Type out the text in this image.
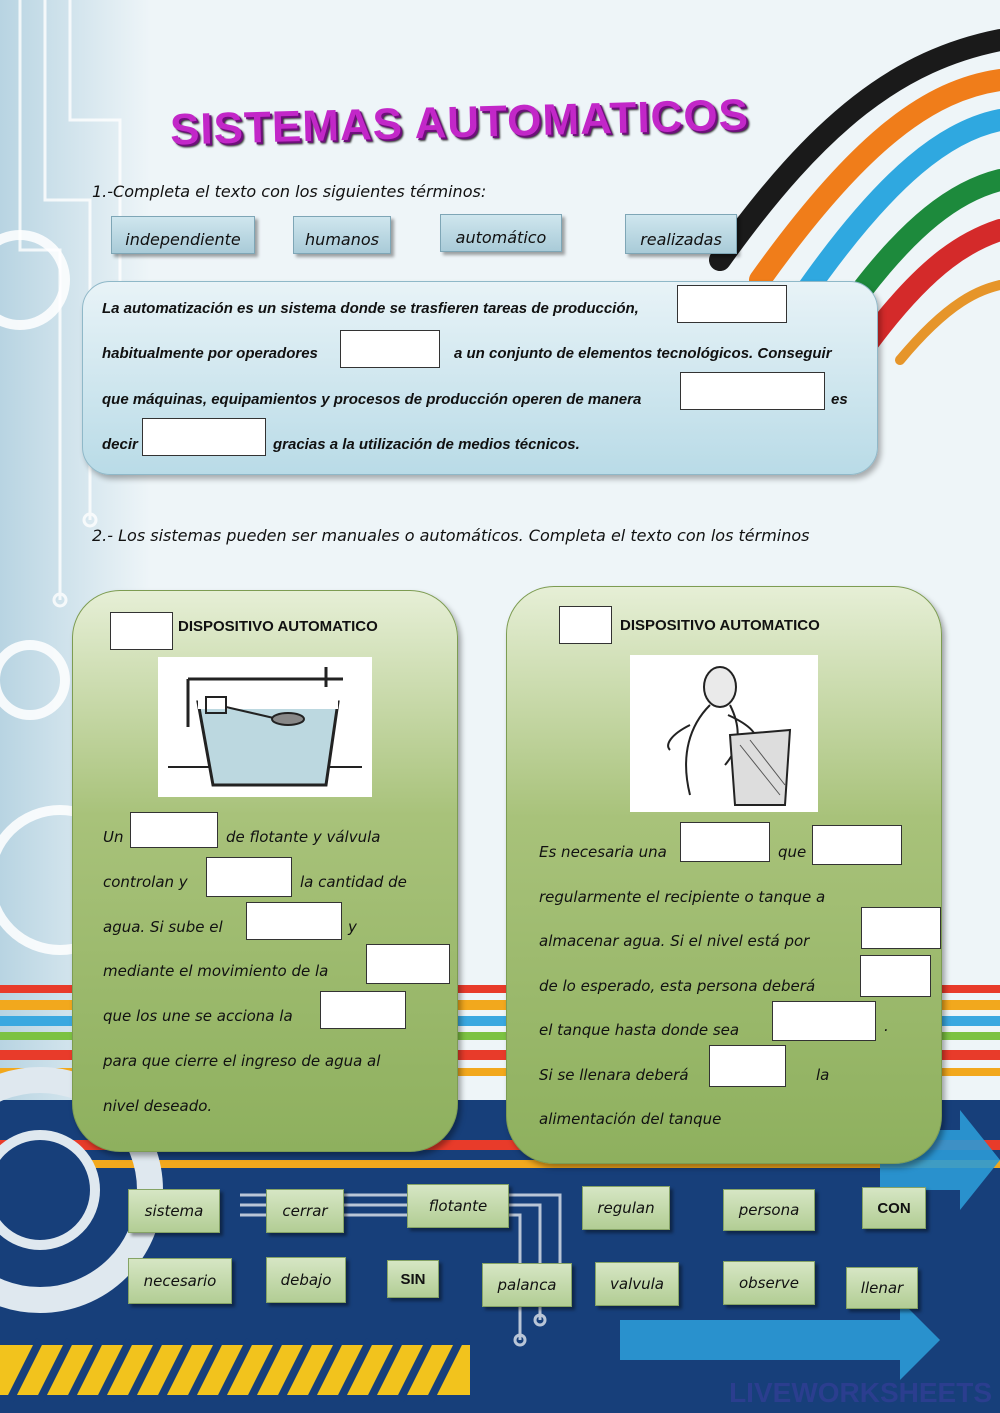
SISTEMAS AUTOMATICOS
1.-Completa el texto con los siguientes términos:
independiente	humanos	automático	realizadas
La automatización es un sistema donde se trasfieren tareas de producción,
habitualmente por operadores	a un conjunto de elementos tecnológicos. Conseguir
que máquinas, equipamientos y procesos de producción operen de manera	es
decir	gracias a la utilización de medios técnicos.
2.- Los sistemas pueden ser manuales o automáticos. Completa el texto con los términos
DISPOSITIVO AUTOMATICO
Un	de flotante y válvula
controlan y	la cantidad de
agua. Si sube el	y
mediante el movimiento de la
que los une se acciona la
para que cierre el ingreso de agua al
nivel deseado.
DISPOSITIVO AUTOMATICO
Es necesaria una	que
regularmente el recipiente o tanque a
almacenar agua. Si el nivel está por
de lo esperado, esta persona deberá
el tanque hasta donde sea	.
Si se llenara deberá	la
alimentación del tanque
sistema	cerrar	flotante	regulan	persona	CON
necesario	debajo	SIN	palanca	valvula	observe	llenar
LIVEWORKSHEETS
